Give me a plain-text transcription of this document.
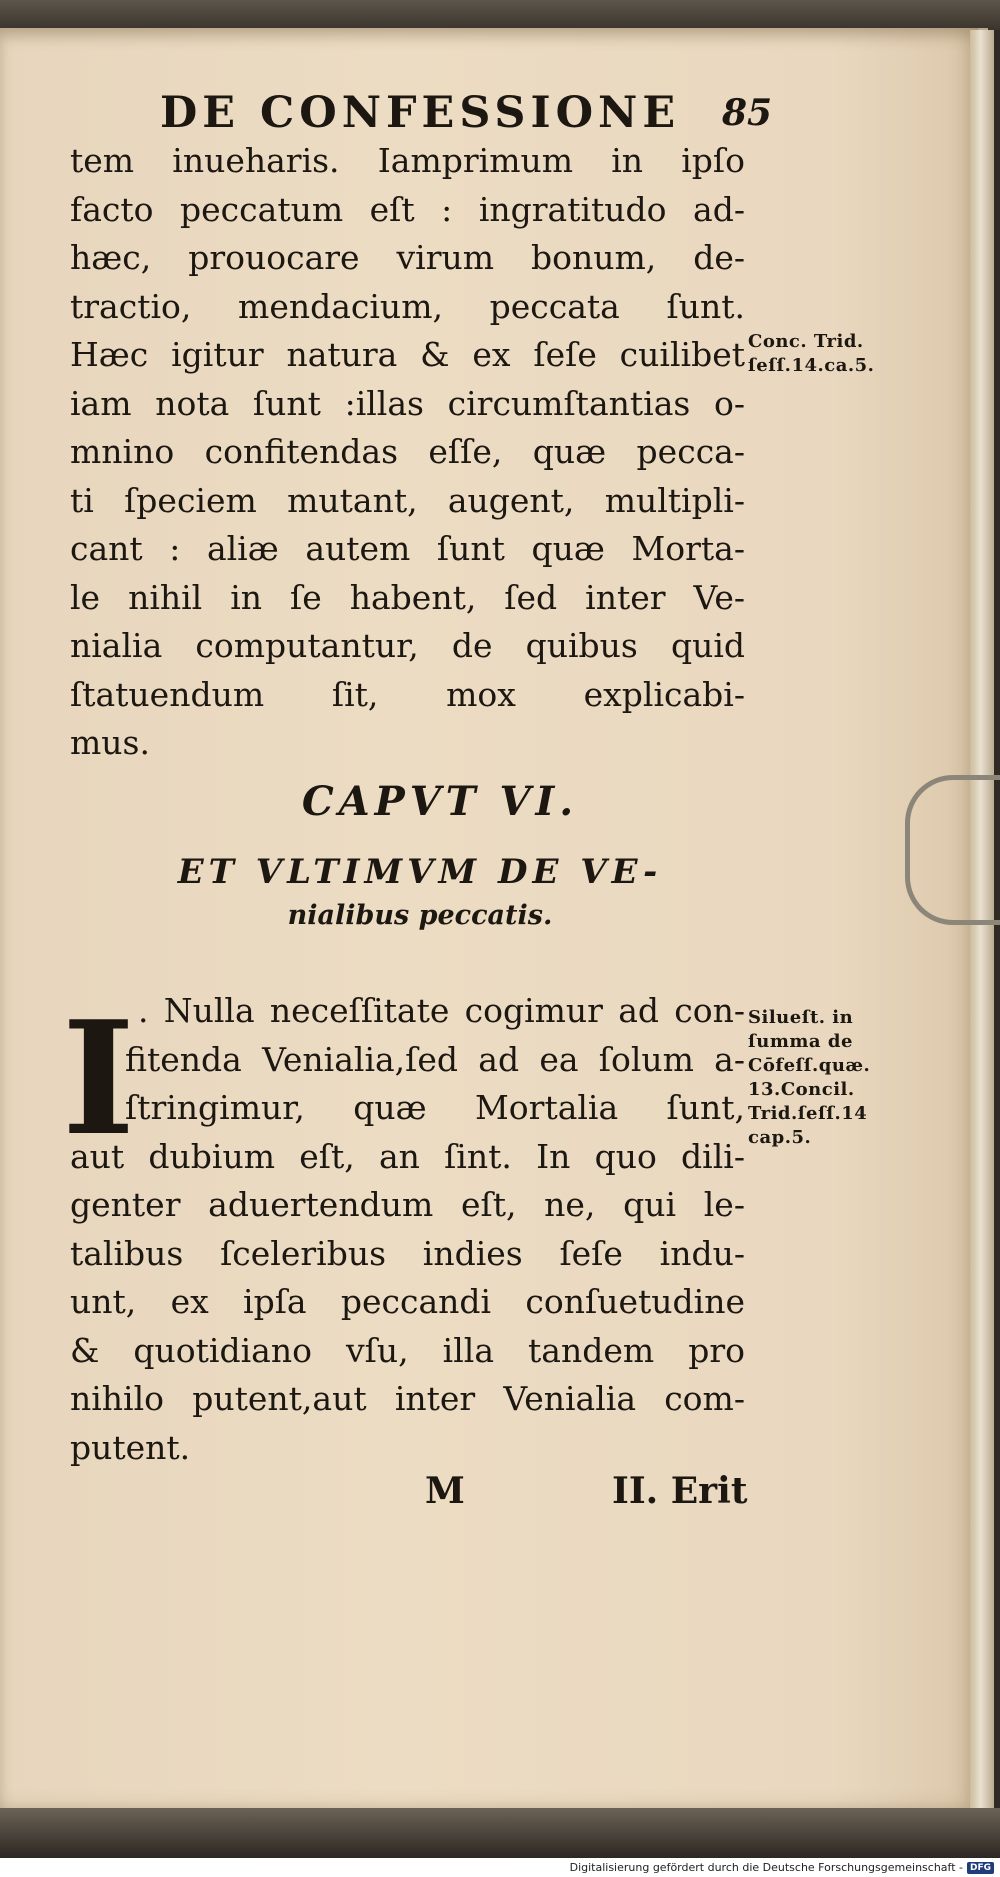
DE CONFESSIONE 85
tem inueharis. Iamprimum in ipſo
facto peccatum eſt : ingratitudo ad-
hæc, prouocare virum bonum, de-
tractio, mendacium, peccata ſunt.
Hæc igitur natura & ex ſeſe cuilibet
iam nota ſunt :illas circumſtantias o-
mnino confitendas eſſe, quæ pecca-
ti ſpeciem mutant, augent, multipli-
cant : aliæ autem ſunt quæ Morta-
le nihil in ſe habent, ſed inter Ve-
nialia computantur, de quibus quid
ſtatuendum ſit, mox explicabi-
mus.
Conc. Trid.
ſeſſ.14.ca.5.
CAPVT VI.
ET VLTIMVM DE VE-
nialibus peccatis.
I . Nulla neceſſitate cogimur ad con-
fitenda Venialia,ſed ad ea ſolum a-
ſtringimur, quæ Mortalia ſunt,
aut dubium eſt, an ſint. In quo dili-
genter aduertendum eſt, ne, qui le-
talibus ſceleribus indies ſeſe indu-
unt, ex ipſa peccandi conſuetudine
& quotidiano vſu, illa tandem pro
nihilo putent,aut inter Venialia com-
putent.
Silueſt. in
ſumma de
Cōfeſſ.quæ.
13.Concil.
Trid.ſeſſ.14
cap.5.
M	II. Erit
Digitalisierung gefördert durch die Deutsche Forschungsgemeinschaft - DFG
